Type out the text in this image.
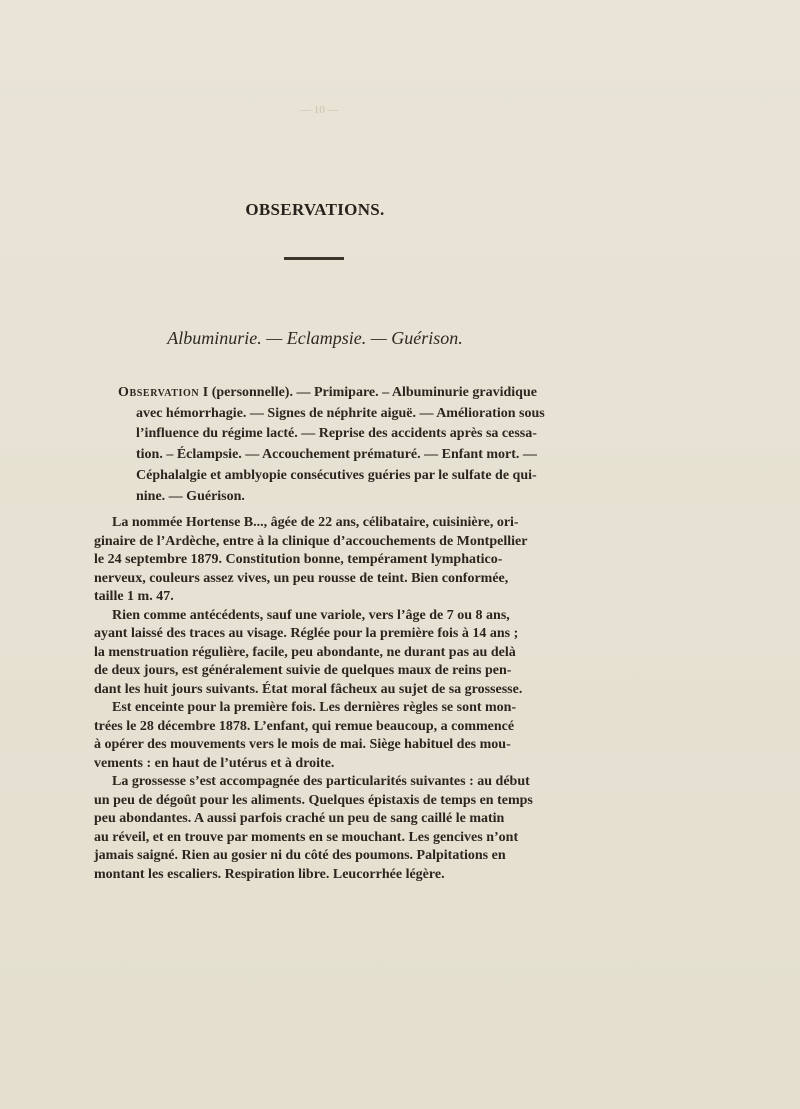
— 10 —
OBSERVATIONS.
Albuminurie. — Eclampsie. — Guérison.
Observation I (personnelle). — Primipare. – Albuminurie gravidique
avec hémorrhagie. — Signes de néphrite aiguë. — Amélioration sous
l’influence du régime lacté. — Reprise des accidents après sa cessa-
tion. – Éclampsie. — Accouchement prématuré. — Enfant mort. —
Céphalalgie et amblyopie consécutives guéries par le sulfate de qui-
nine. — Guérison.
La nommée Hortense B..., âgée de 22 ans, célibataire, cuisinière, ori-
ginaire de l’Ardèche, entre à la clinique d’accouchements de Montpellier
le 24 septembre 1879. Constitution bonne, tempérament lymphatico-
nerveux, couleurs assez vives, un peu rousse de teint. Bien conformée,
taille 1 m. 47.
Rien comme antécédents, sauf une variole, vers l’âge de 7 ou 8 ans,
ayant laissé des traces au visage. Réglée pour la première fois à 14 ans ;
la menstruation régulière, facile, peu abondante, ne durant pas au delà
de deux jours, est généralement suivie de quelques maux de reins pen-
dant les huit jours suivants. État moral fâcheux au sujet de sa grossesse.
Est enceinte pour la première fois. Les dernières règles se sont mon-
trées le 28 décembre 1878. L’enfant, qui remue beaucoup, a commencé
à opérer des mouvements vers le mois de mai. Siège habituel des mou-
vements : en haut de l’utérus et à droite.
La grossesse s’est accompagnée des particularités suivantes : au début
un peu de dégoût pour les aliments. Quelques épistaxis de temps en temps
peu abondantes. A aussi parfois craché un peu de sang caillé le matin
au réveil, et en trouve par moments en se mouchant. Les gencives n’ont
jamais saigné. Rien au gosier ni du côté des poumons. Palpitations en
montant les escaliers. Respiration libre. Leucorrhée légère.
